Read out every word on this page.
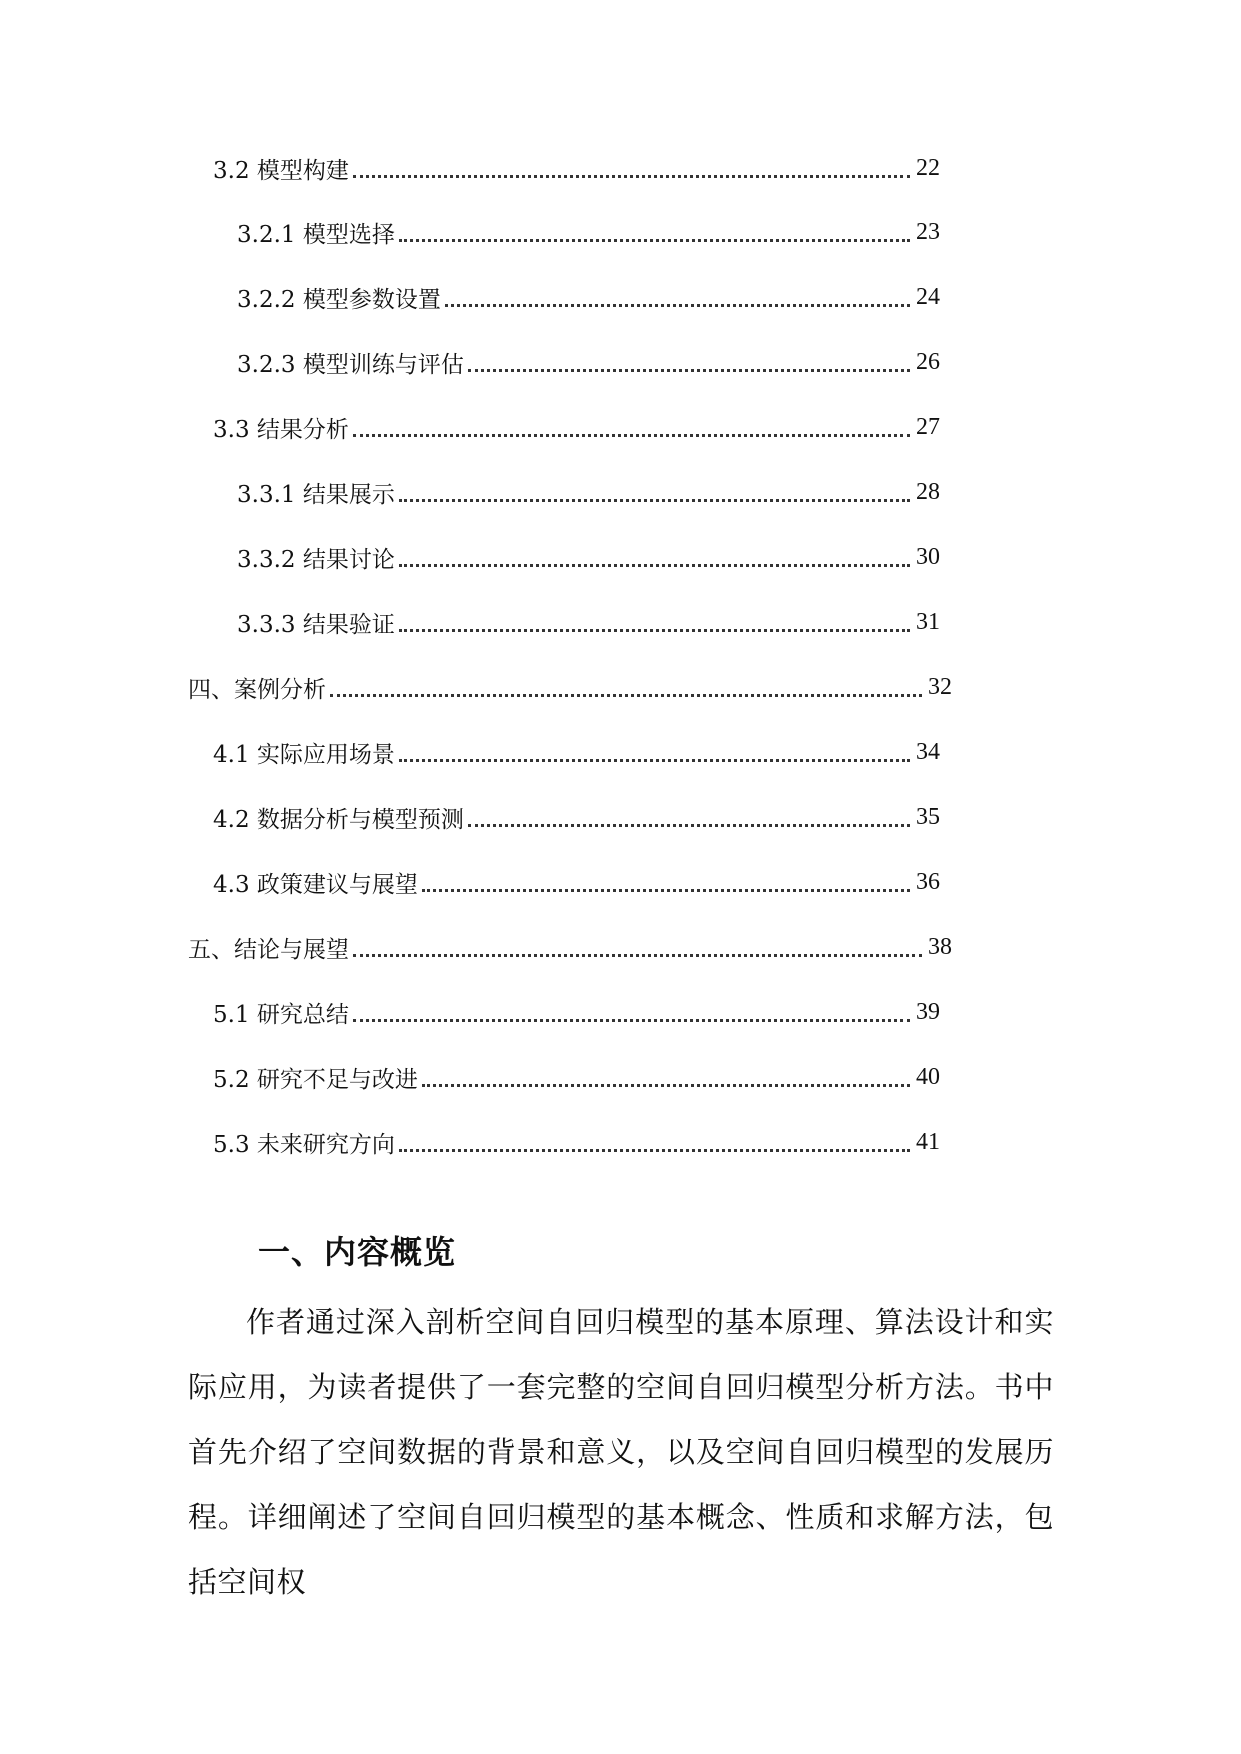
3.2 模型构建	22
3.2.1 模型选择	23
3.2.2 模型参数设置	24
3.2.3 模型训练与评估	26
3.3 结果分析	27
3.3.1 结果展示	28
3.3.2 结果讨论	30
3.3.3 结果验证	31
四、案例分析	32
4.1 实际应用场景	34
4.2 数据分析与模型预测	35
4.3 政策建议与展望	36
五、结论与展望	38
5.1 研究总结	39
5.2 研究不足与改进	40
5.3 未来研究方向	41
一、内容概览

作者通过深入剖析空间自回归模型的基本原理、算法设计和实际应用，为读者提供了一套完整的空间自回归模型分析方法。书中首先介绍了空间数据的背景和意义，以及空间自回归模型的发展历程。详细阐述了空间自回归模型的基本概念、性质和求解方法，包括空间权
